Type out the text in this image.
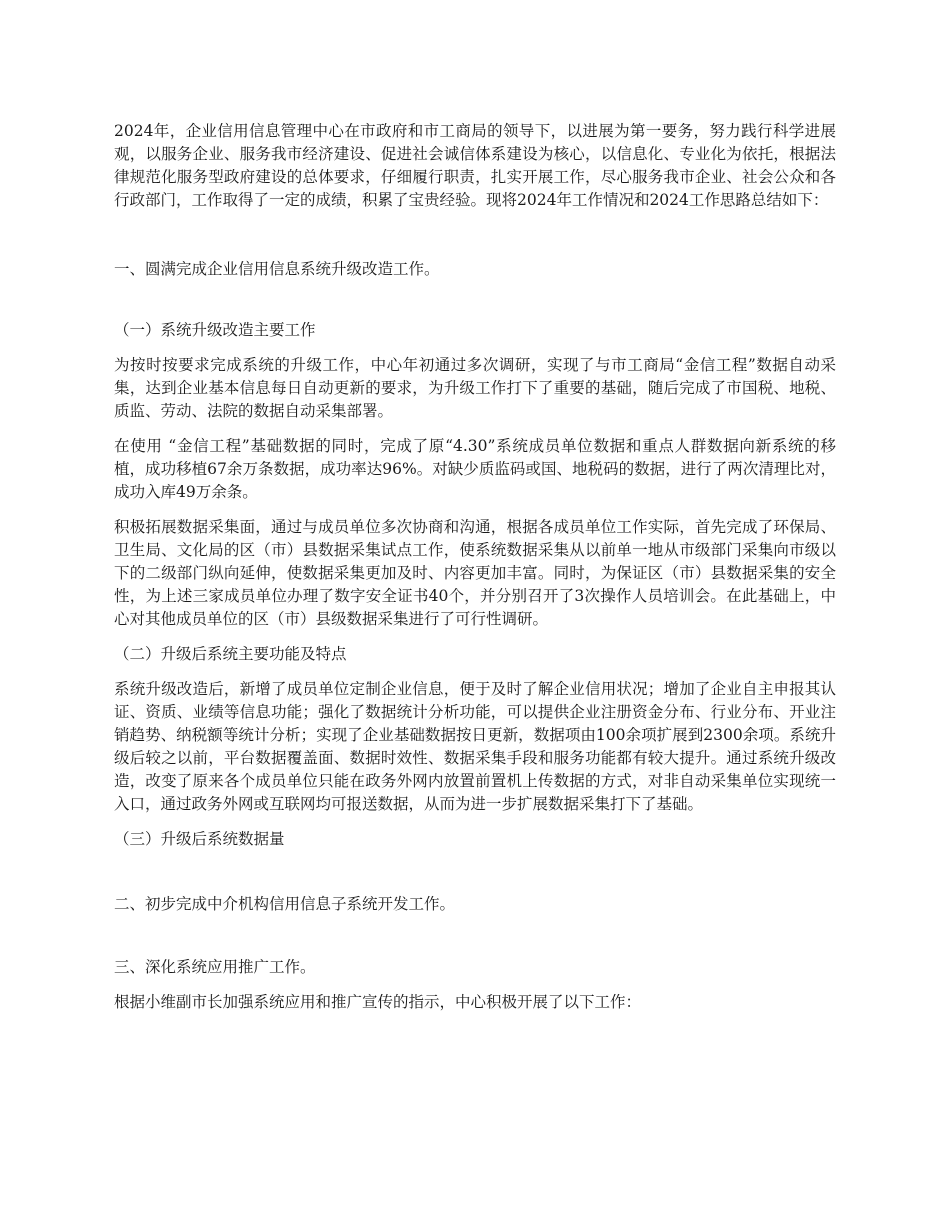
2024年，企业信用信息管理中心在市政府和市工商局的领导下，以进展为第一要务，努力践行科学进展观，以服务企业、服务我市经济建设、促进社会诚信体系建设为核心，以信息化、专业化为依托，根据法律规范化服务型政府建设的总体要求，仔细履行职责，扎实开展工作，尽心服务我市企业、社会公众和各行政部门，工作取得了一定的成绩，积累了宝贵经验。现将2024年工作情况和2024工作思路总结如下：

一、圆满完成企业信用信息系统升级改造工作。

（一）系统升级改造主要工作

为按时按要求完成系统的升级工作，中心年初通过多次调研，实现了与市工商局“金信工程”数据自动采集，达到企业基本信息每日自动更新的要求，为升级工作打下了重要的基础，随后完成了市国税、地税、质监、劳动、法院的数据自动采集部署。

在使用 “金信工程”基础数据的同时，完成了原“4.30”系统成员单位数据和重点人群数据向新系统的移植，成功移植67余万条数据，成功率达96%。对缺少质监码或国、地税码的数据，进行了两次清理比对，成功入库49万余条。

积极拓展数据采集面，通过与成员单位多次协商和沟通，根据各成员单位工作实际，首先完成了环保局、卫生局、文化局的区（市）县数据采集试点工作，使系统数据采集从以前单一地从市级部门采集向市级以下的二级部门纵向延伸，使数据采集更加及时、内容更加丰富。同时，为保证区（市）县数据采集的安全性，为上述三家成员单位办理了数字安全证书40个，并分别召开了3次操作人员培训会。在此基础上，中心对其他成员单位的区（市）县级数据采集进行了可行性调研。

（二）升级后系统主要功能及特点

系统升级改造后，新增了成员单位定制企业信息，便于及时了解企业信用状况；增加了企业自主申报其认证、资质、业绩等信息功能；强化了数据统计分析功能，可以提供企业注册资金分布、行业分布、开业注销趋势、纳税额等统计分析；实现了企业基础数据按日更新，数据项由100余项扩展到2300余项。系统升级后较之以前，平台数据覆盖面、数据时效性、数据采集手段和服务功能都有较大提升。通过系统升级改造，改变了原来各个成员单位只能在政务外网内放置前置机上传数据的方式，对非自动采集单位实现统一入口，通过政务外网或互联网均可报送数据，从而为进一步扩展数据采集打下了基础。

（三）升级后系统数据量

二、初步完成中介机构信用信息子系统开发工作。

三、深化系统应用推广工作。

根据小维副市长加强系统应用和推广宣传的指示，中心积极开展了以下工作：
